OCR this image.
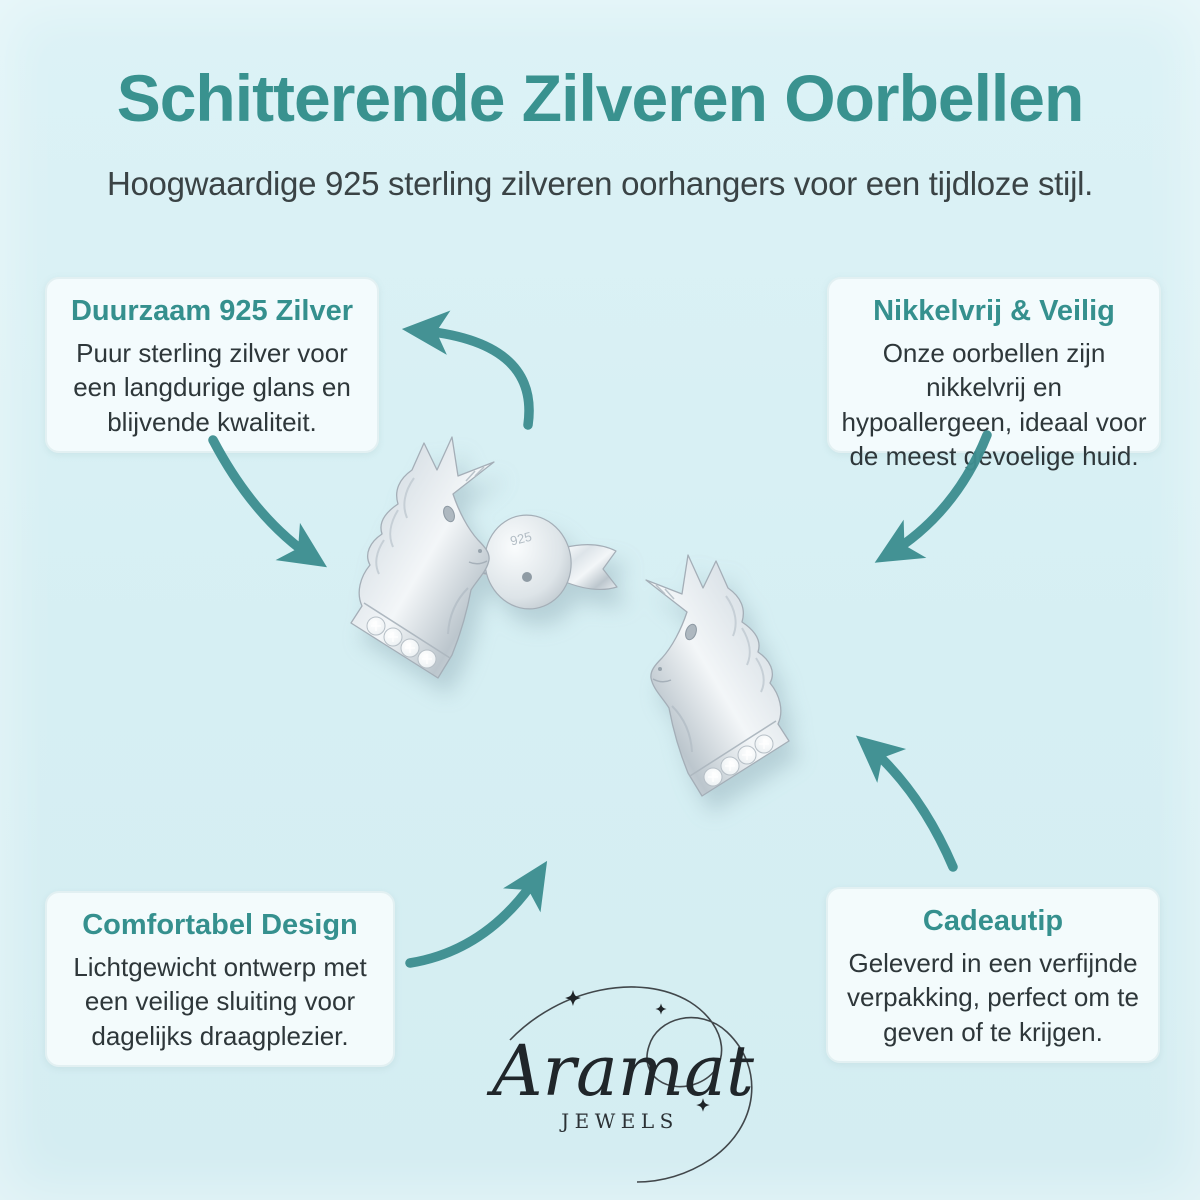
Schitterende Zilveren Oorbellen
Hoogwaardige 925 sterling zilveren oorhangers voor een tijdloze stijl.
Duurzaam 925 Zilver

Puur sterling zilver voor een langdurige glans en blijvende kwaliteit.

Nikkelvrij & Veilig

Onze oorbellen zijn nikkelvrij en hypoallergeen, ideaal voor de meest gevoelige huid.

Comfortabel Design

Lichtgewicht ontwerp met een veilige sluiting voor dagelijks draagplezier.

Cadeautip

Geleverd in een verfijnde verpakking, perfect om te geven of te krijgen.

925
Aramat
JEWELS
